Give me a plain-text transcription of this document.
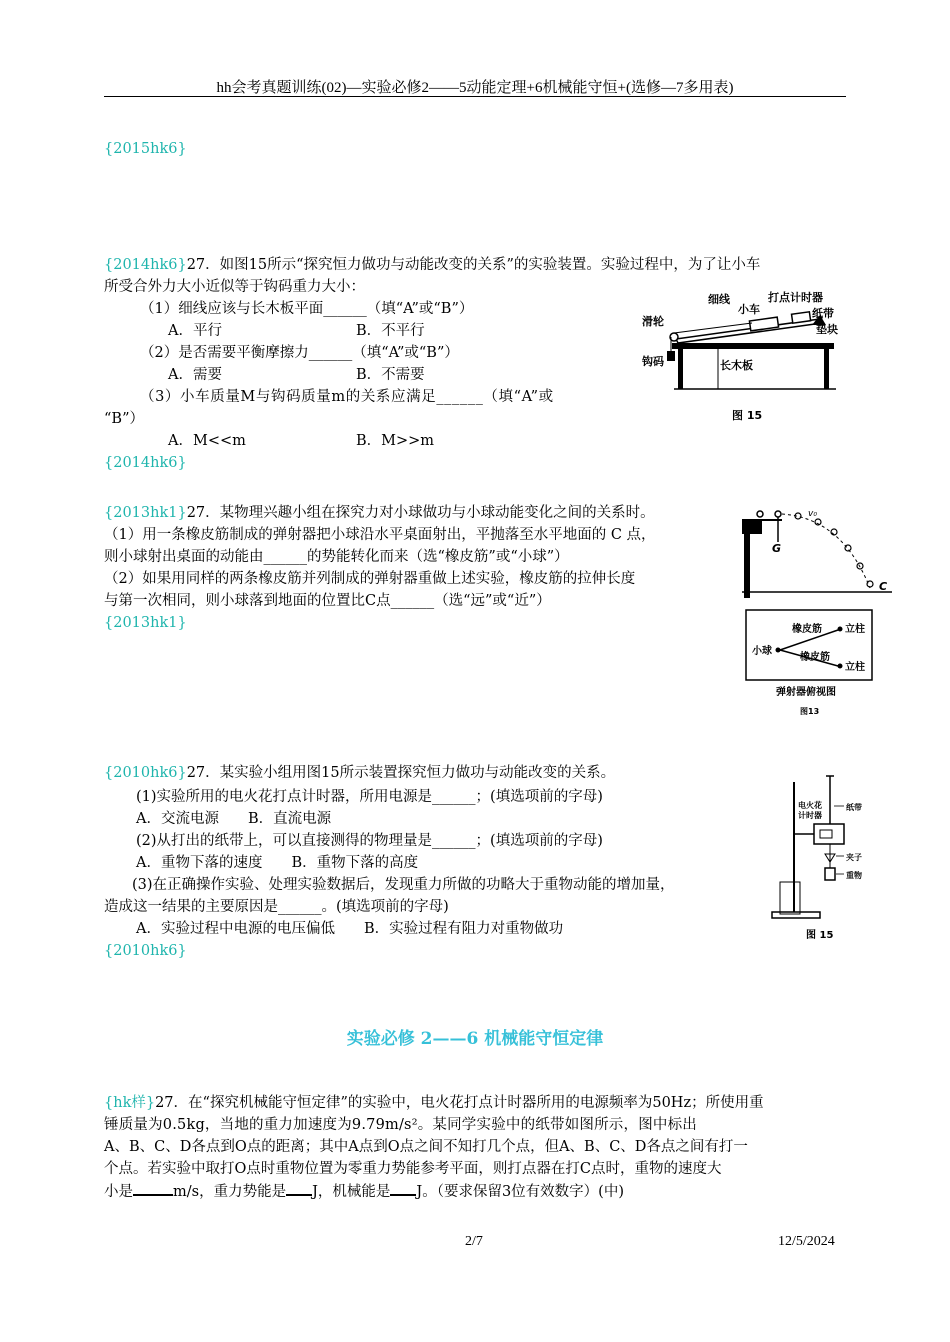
hh会考真题训练(02)—实验必修2——5动能定理+6机械能守恒+(选修—7多用表)
{2015hk6}
{2014hk6}27．如图15所示“探究恒力做功与动能改变的关系”的实验装置。实验过程中，为了让小车
所受合外力大小近似等于钩码重力大小：
（1）细线应该与长木板平面______（填“A”或“B”）
A．平行	B．不平行
（2）是否需要平衡摩擦力______（填“A”或“B”）
A．需要	B．不需要
（3）小车质量M与钩码质量m的关系应满足______（填“A”或
“B”）
A．M<<m	B．M>>m
{2014hk6}
细线
小车
打点计时器
纸带
垫块
滑轮
钩码	长木板
图 15
{2013hk1}27．某物理兴趣小组在探究力对小球做功与小球动能变化之间的关系时。
（1）用一条橡皮筋制成的弹射器把小球沿水平桌面射出，平抛落至水平地面的 C 点，
则小球射出桌面的动能由______的势能转化而来（选“橡皮筋”或“小球”）
（2）如果用同样的两条橡皮筋并列制成的弹射器重做上述实验，橡皮筋的拉伸长度
与第一次相同，则小球落到地面的位置比C点______（选“远”或“近”）
{2013hk1}
G
v₀
C
小球
橡皮筋
橡皮筋
立柱
立柱
弹射器俯视图
图13
{2010hk6}27．某实验小组用图15所示装置探究恒力做功与动能改变的关系。
(1)实验所用的电火花打点计时器，所用电源是______；(填选项前的字母)
A．交流电源　　B．直流电源
(2)从打出的纸带上，可以直接测得的物理量是______；(填选项前的字母)
A．重物下落的速度　　B．重物下落的高度
(3)在正确操作实验、处理实验数据后，发现重力所做的功略大于重物动能的增加量，
造成这一结果的主要原因是______。(填选项前的字母)
A．实验过程中电源的电压偏低　　B．实验过程有阻力对重物做功
{2010hk6}
电火花
计时器
纸带
夹子
重物
图 15
实验必修 2——6 机械能守恒定律
{hk样}27．在“探究机械能守恒定律”的实验中，电火花打点计时器所用的电源频率为50Hz；所使用重
锤质量为0.5kg，当地的重力加速度为9.79m/s²。某同学实验中的纸带如图所示，图中标出
A、B、C、D各点到O点的距离；其中A点到O点之间不知打几个点，但A、B、C、D各点之间有打一
个点。若实验中取打O点时重物位置为零重力势能参考平面，则打点器在打C点时，重物的速度大
小是	m/s，重力势能是 J，机械能是 J。（要求保留3位有效数字）(中)
2/7	12/5/2024
